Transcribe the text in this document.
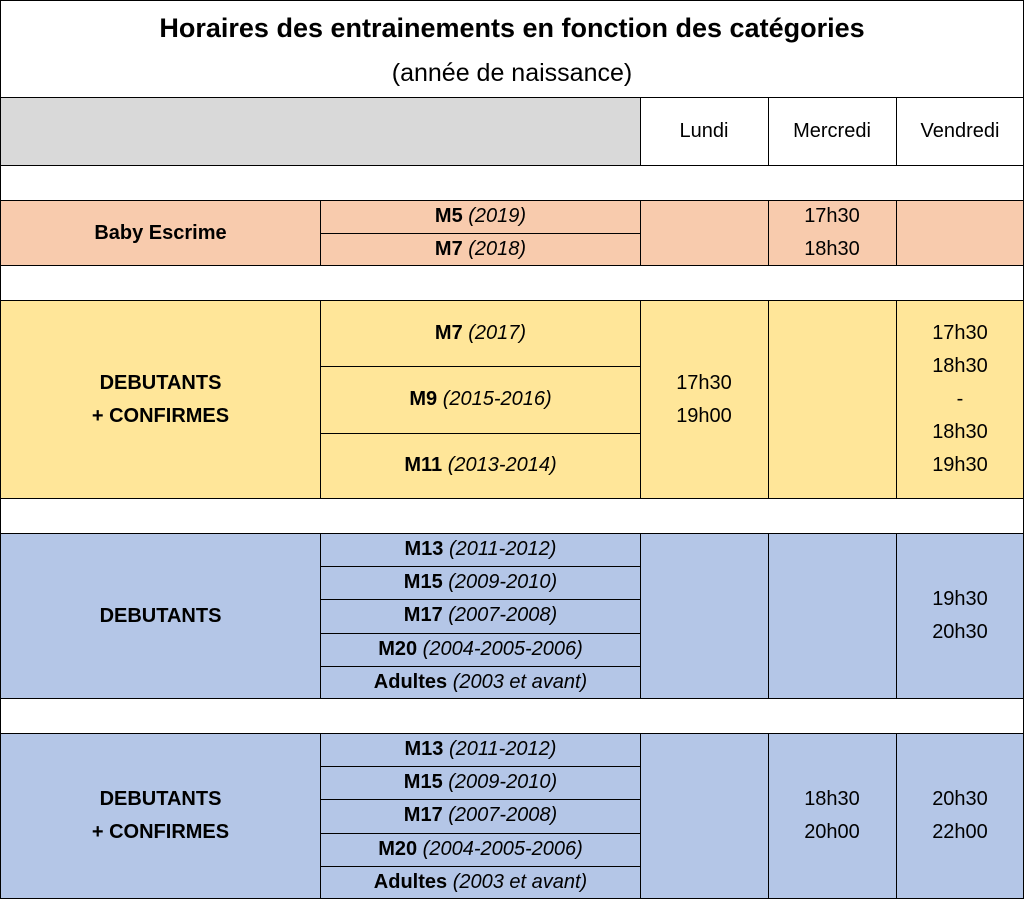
Horaires des entrainements en fonction des catégories
(année de naissance)
Lundi	Mercredi	Vendredi
Baby Escrime
M5
(2019)
M7
(2018)
17h30
18h30
DEBUTANTS
+ CONFIRMES
M7
(2017)
M9
(2015-2016)
M11
(2013-2014)
17h30
19h00
17h30
18h30
-
18h30
19h30
DEBUTANTS
M13
(2011-2012)
M15
(2009-2010)
M17
(2007-2008)
M20
(2004-2005-2006)
Adultes
(2003 et avant)
19h30
20h30
DEBUTANTS
+ CONFIRMES
M13
(2011-2012)
M15
(2009-2010)
M17
(2007-2008)
M20
(2004-2005-2006)
Adultes
(2003 et avant)
18h30
20h00
20h30
22h00
